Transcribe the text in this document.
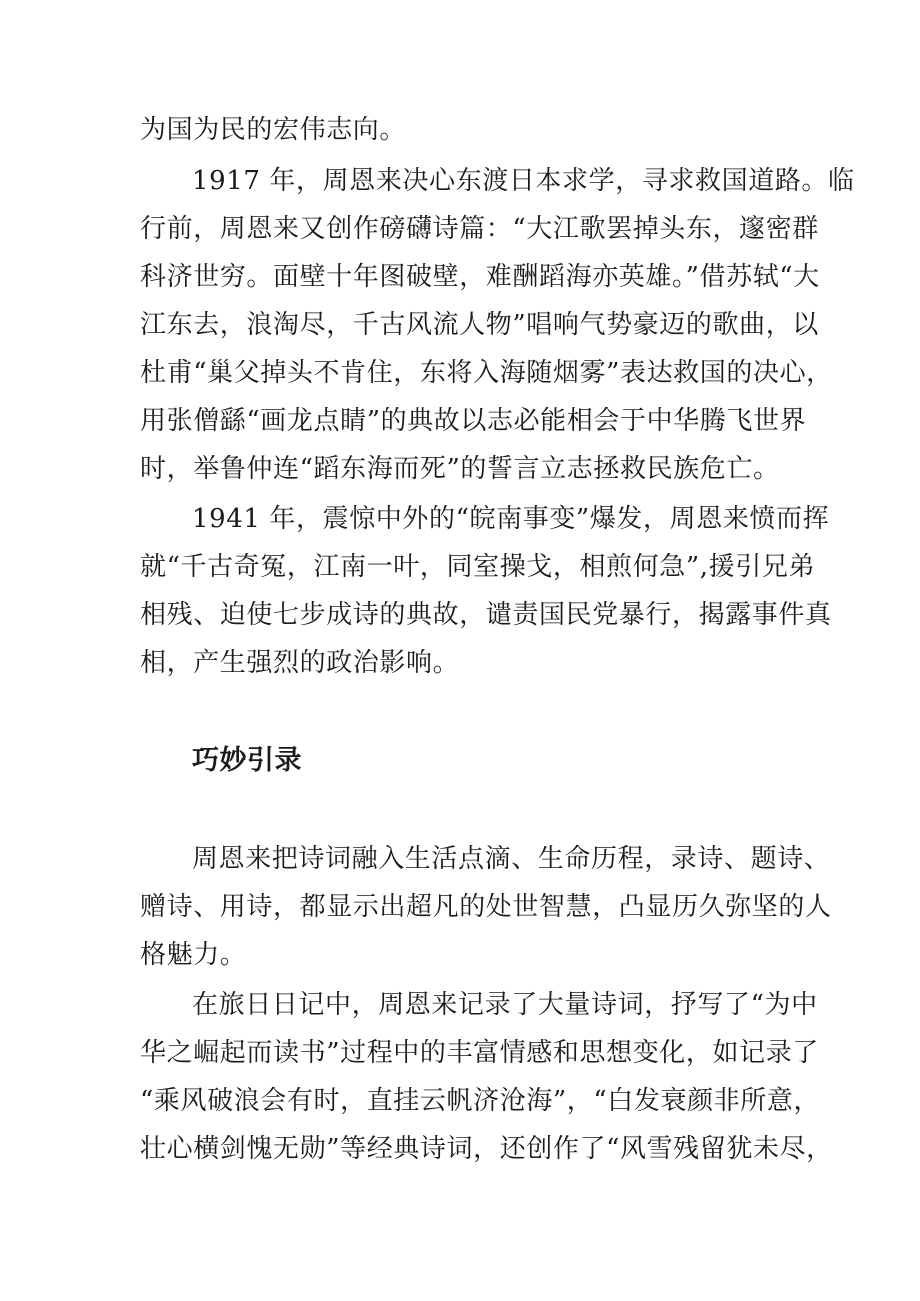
为国为民的宏伟志向。
1917 年，周恩来决心东渡日本求学，寻求救国道路。临
行前，周恩来又创作磅礴诗篇：“大江歌罢掉头东，邃密群
科济世穷。面壁十年图破壁，难酬蹈海亦英雄。”借苏轼“大
江东去，浪淘尽，千古风流人物”唱响气势豪迈的歌曲，以
杜甫“巢父掉头不肯住，东将入海随烟雾”表达救国的决心，
用张僧繇“画龙点睛”的典故以志必能相会于中华腾飞世界
时，举鲁仲连“蹈东海而死”的誓言立志拯救民族危亡。
1941 年，震惊中外的“皖南事变”爆发，周恩来愤而挥
就“千古奇冤，江南一叶，同室操戈，相煎何急”,援引兄弟
相残、迫使七步成诗的典故，谴责国民党暴行，揭露事件真
相，产生强烈的政治影响。
巧妙引录
周恩来把诗词融入生活点滴、生命历程，录诗、题诗、
赠诗、用诗，都显示出超凡的处世智慧，凸显历久弥坚的人
格魅力。
在旅日日记中，周恩来记录了大量诗词，抒写了“为中
华之崛起而读书”过程中的丰富情感和思想变化，如记录了
“乘风破浪会有时，直挂云帆济沧海”，“白发衰颜非所意，
壮心横剑愧无勋”等经典诗词，还创作了“风雪残留犹未尽，
